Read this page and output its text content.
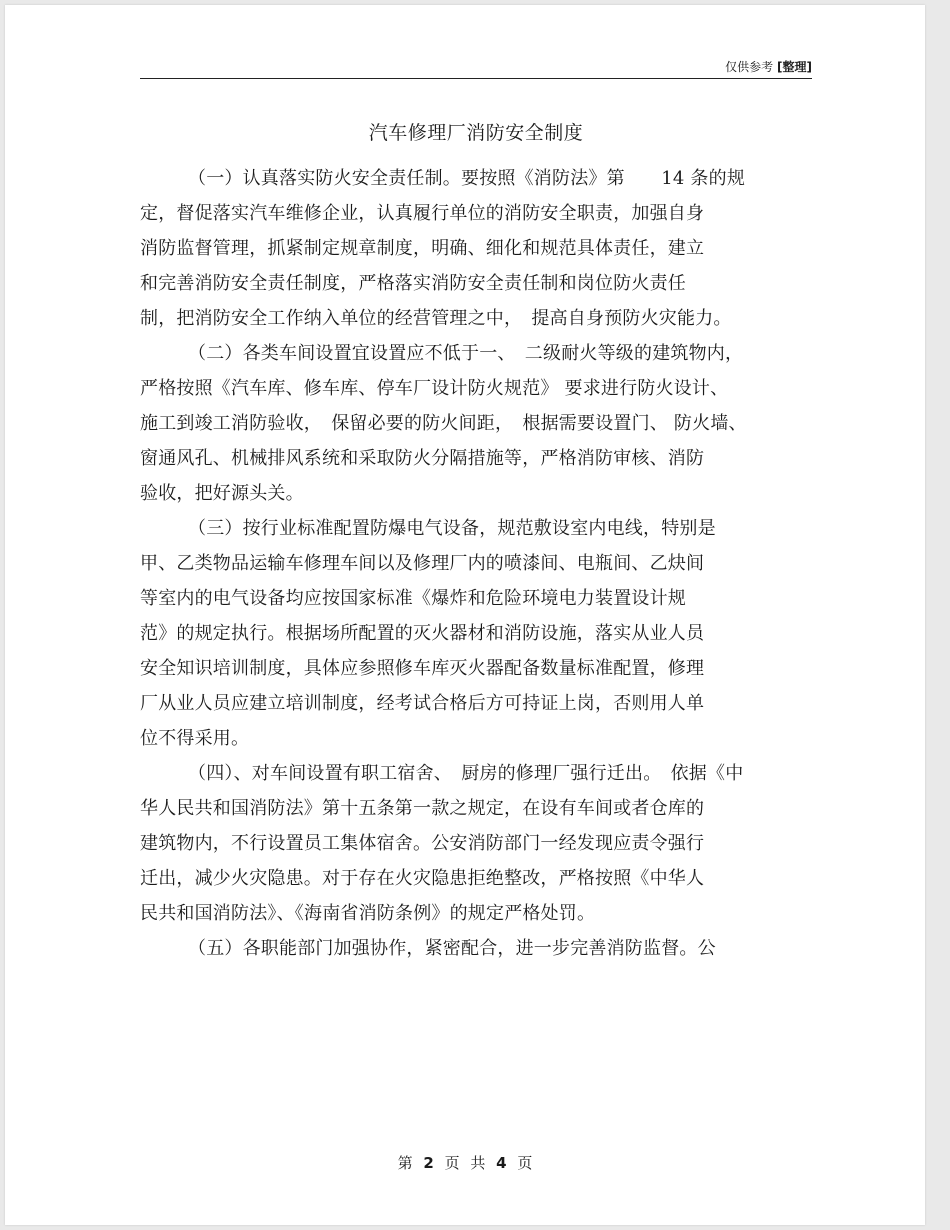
仅供参考 [整理]
汽车修理厂消防安全制度
（一）认真落实防火安全责任制。要按照《消防法》第　　14 条的规
定，督促落实汽车维修企业，认真履行单位的消防安全职责，加强自身
消防监督管理，抓紧制定规章制度，明确、细化和规范具体责任，建立
和完善消防安全责任制度，严格落实消防安全责任制和岗位防火责任
制，把消防安全工作纳入单位的经营管理之中，　提高自身预防火灾能力。
（二）各类车间设置宜设置应不低于一、　二级耐火等级的建筑物内，
严格按照《汽车库、修车库、停车厂设计防火规范》 要求进行防火设计、
施工到竣工消防验收，　保留必要的防火间距，　根据需要设置门、 防火墙、
窗通风孔、机械排风系统和采取防火分隔措施等，严格消防审核、消防
验收，把好源头关。
（三）按行业标准配置防爆电气设备，规范敷设室内电线，特别是
甲、乙类物品运输车修理车间以及修理厂内的喷漆间、电瓶间、乙炔间
等室内的电气设备均应按国家标准《爆炸和危险环境电力装置设计规
范》的规定执行。根据场所配置的灭火器材和消防设施，落实从业人员
安全知识培训制度，具体应参照修车库灭火器配备数量标准配置，修理
厂从业人员应建立培训制度，经考试合格后方可持证上岗，否则用人单
位不得采用。
（四）、对车间设置有职工宿舍、　厨房的修理厂强行迁出。　依据《中
华人民共和国消防法》第十五条第一款之规定，在设有车间或者仓库的
建筑物内，不行设置员工集体宿舍。公安消防部门一经发现应责令强行
迁出，减少火灾隐患。对于存在火灾隐患拒绝整改，严格按照《中华人
民共和国消防法》、《海南省消防条例》的规定严格处罚。
（五）各职能部门加强协作，紧密配合，进一步完善消防监督。公
第 2 页 共 4 页
